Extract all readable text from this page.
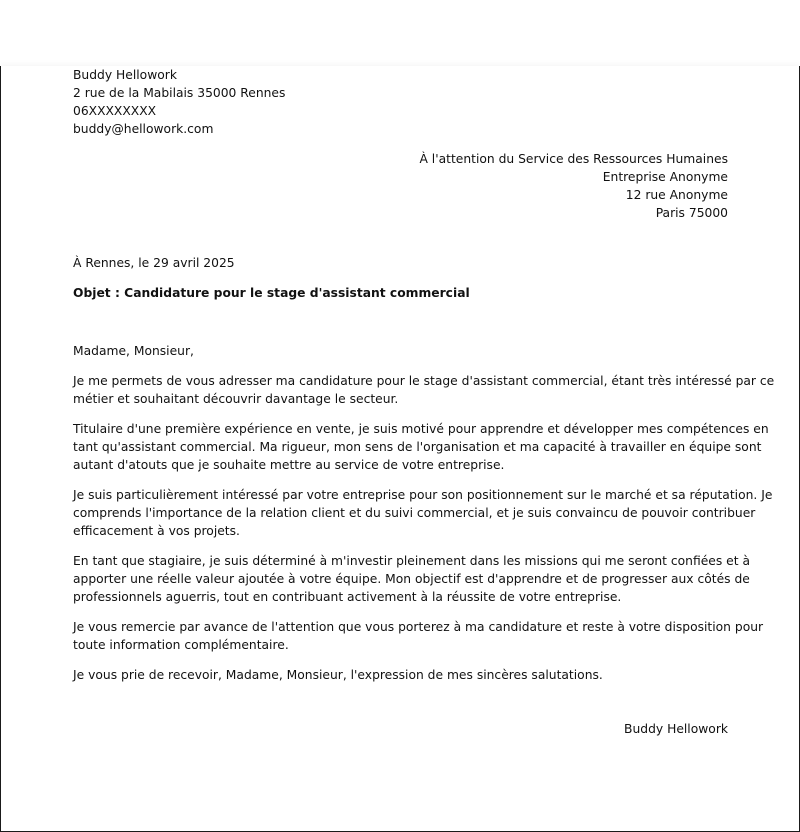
Buddy Hellowork
2 rue de la Mabilais 35000 Rennes
06XXXXXXXX
buddy@hellowork.com
À l'attention du Service des Ressources Humaines
Entreprise Anonyme
12 rue Anonyme
Paris 75000
À Rennes, le 29 avril 2025
Objet : Candidature pour le stage d'assistant commercial
Madame, Monsieur,
Je me permets de vous adresser ma candidature pour le stage d'assistant commercial, étant très intéressé par ce
métier et souhaitant découvrir davantage le secteur.
Titulaire d'une première expérience en vente, je suis motivé pour apprendre et développer mes compétences en
tant qu'assistant commercial. Ma rigueur, mon sens de l'organisation et ma capacité à travailler en équipe sont
autant d'atouts que je souhaite mettre au service de votre entreprise.
Je suis particulièrement intéressé par votre entreprise pour son positionnement sur le marché et sa réputation. Je
comprends l'importance de la relation client et du suivi commercial, et je suis convaincu de pouvoir contribuer
efficacement à vos projets.
En tant que stagiaire, je suis déterminé à m'investir pleinement dans les missions qui me seront confiées et à
apporter une réelle valeur ajoutée à votre équipe. Mon objectif est d'apprendre et de progresser aux côtés de
professionnels aguerris, tout en contribuant activement à la réussite de votre entreprise.
Je vous remercie par avance de l'attention que vous porterez à ma candidature et reste à votre disposition pour
toute information complémentaire.
Je vous prie de recevoir, Madame, Monsieur, l'expression de mes sincères salutations.
Buddy Hellowork
